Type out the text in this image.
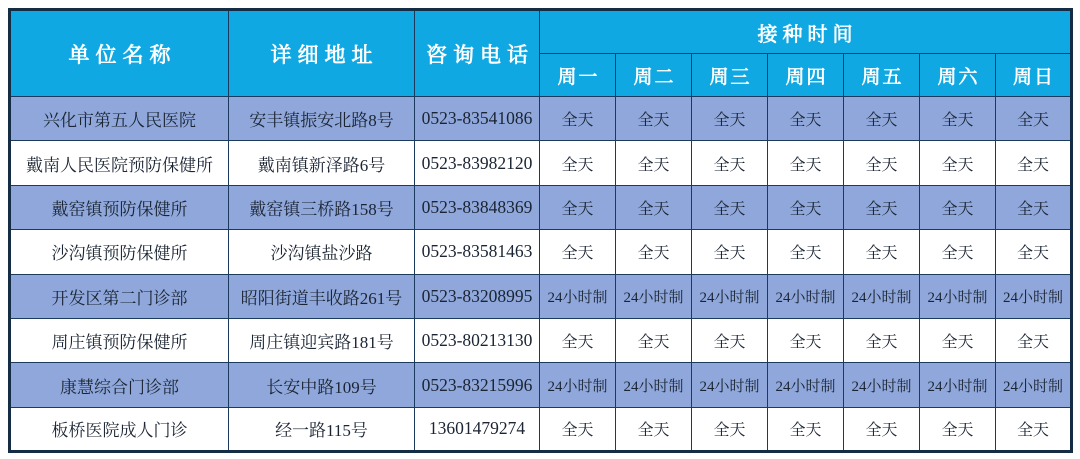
单位名称	详细地址	咨询电话	接种时间						
			周一	周二	周三	周四	周五	周六	周日
兴化市第五人民医院	安丰镇振安北路8号	0523-83541086	全天	全天	全天	全天	全天	全天	全天
戴南人民医院预防保健所	戴南镇新泽路6号	0523-83982120	全天	全天	全天	全天	全天	全天	全天
戴窑镇预防保健所	戴窑镇三桥路158号	0523-83848369	全天	全天	全天	全天	全天	全天	全天
沙沟镇预防保健所	沙沟镇盐沙路	0523-83581463	全天	全天	全天	全天	全天	全天	全天
开发区第二门诊部	昭阳街道丰收路261号	0523-83208995	24小时制	24小时制	24小时制	24小时制	24小时制	24小时制	24小时制
周庄镇预防保健所	周庄镇迎宾路181号	0523-80213130	全天	全天	全天	全天	全天	全天	全天
康慧综合门诊部	长安中路109号	0523-83215996	24小时制	24小时制	24小时制	24小时制	24小时制	24小时制	24小时制
板桥医院成人门诊	经一路115号	13601479274	全天	全天	全天	全天	全天	全天	全天
